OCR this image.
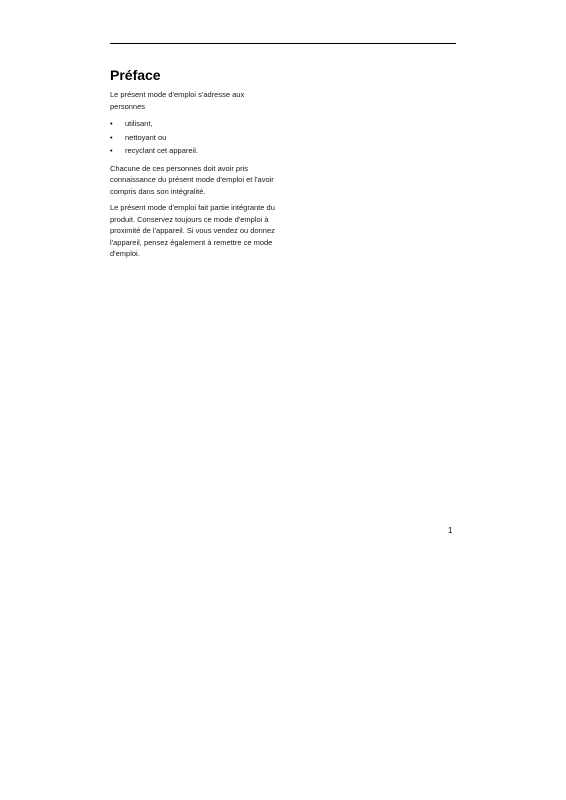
Préface

Le présent mode d'emploi s'adresse aux personnes

• utilisant,
• nettoyant ou
• recyclant cet appareil.

Chacune de ces personnes doit avoir pris connaissance du présent mode d'emploi et l'avoir compris dans son intégralité.

Le présent mode d'emploi fait partie intégrante du produit. Conservez toujours ce mode d'emploi à proximité de l'appareil. Si vous vendez ou donnez l'appareil, pensez également à remettre ce mode d'emploi.

1
